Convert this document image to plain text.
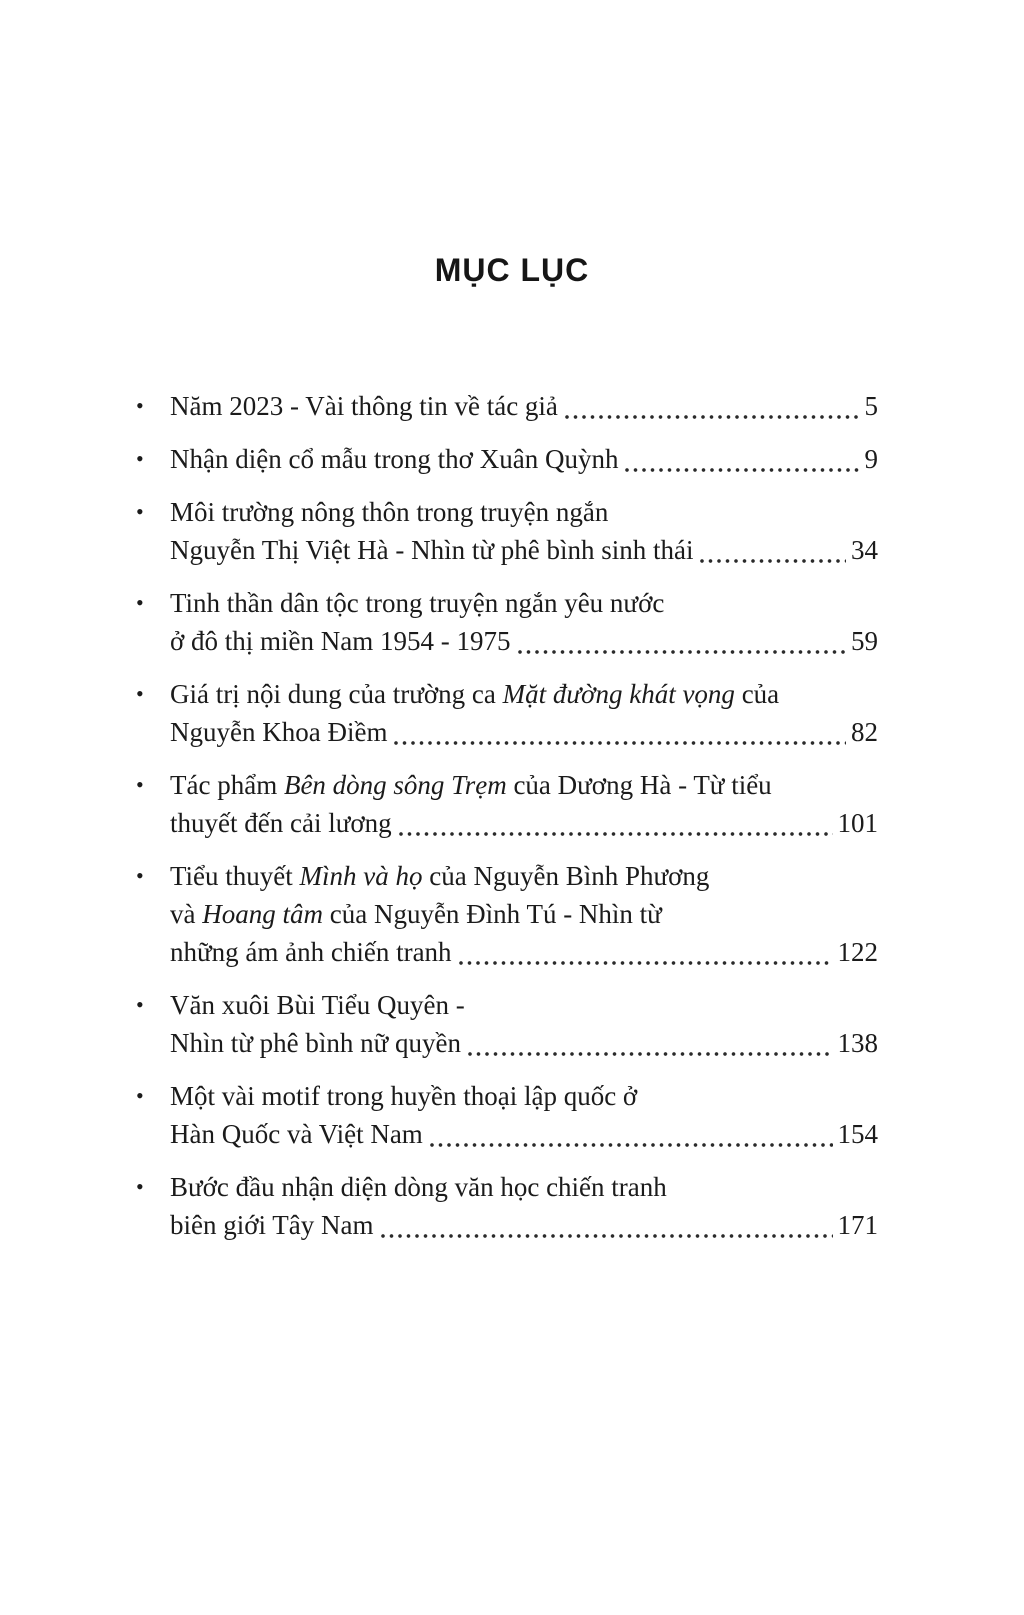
MỤC LỤC
• Năm 2023 - Vài thông tin về tác giả	5
• Nhận diện cổ mẫu trong thơ Xuân Quỳnh	9
• Môi trường nông thôn trong truyện ngắn
Nguyễn Thị Việt Hà - Nhìn từ phê bình sinh thái	34
• Tinh thần dân tộc trong truyện ngắn yêu nước
ở đô thị miền Nam 1954 - 1975	59
• Giá trị nội dung của trường ca Mặt đường khát vọng của
Nguyễn Khoa Điềm	82
• Tác phẩm Bên dòng sông Trẹm của Dương Hà - Từ tiểu
thuyết đến cải lương	101
• Tiểu thuyết Mình và họ của Nguyễn Bình Phương
và Hoang tâm của Nguyễn Đình Tú - Nhìn từ
những ám ảnh chiến tranh	122
• Văn xuôi Bùi Tiểu Quyên -
Nhìn từ phê bình nữ quyền	138
• Một vài motif trong huyền thoại lập quốc ở
Hàn Quốc và Việt Nam	154
• Bước đầu nhận diện dòng văn học chiến tranh
biên giới Tây Nam	171
